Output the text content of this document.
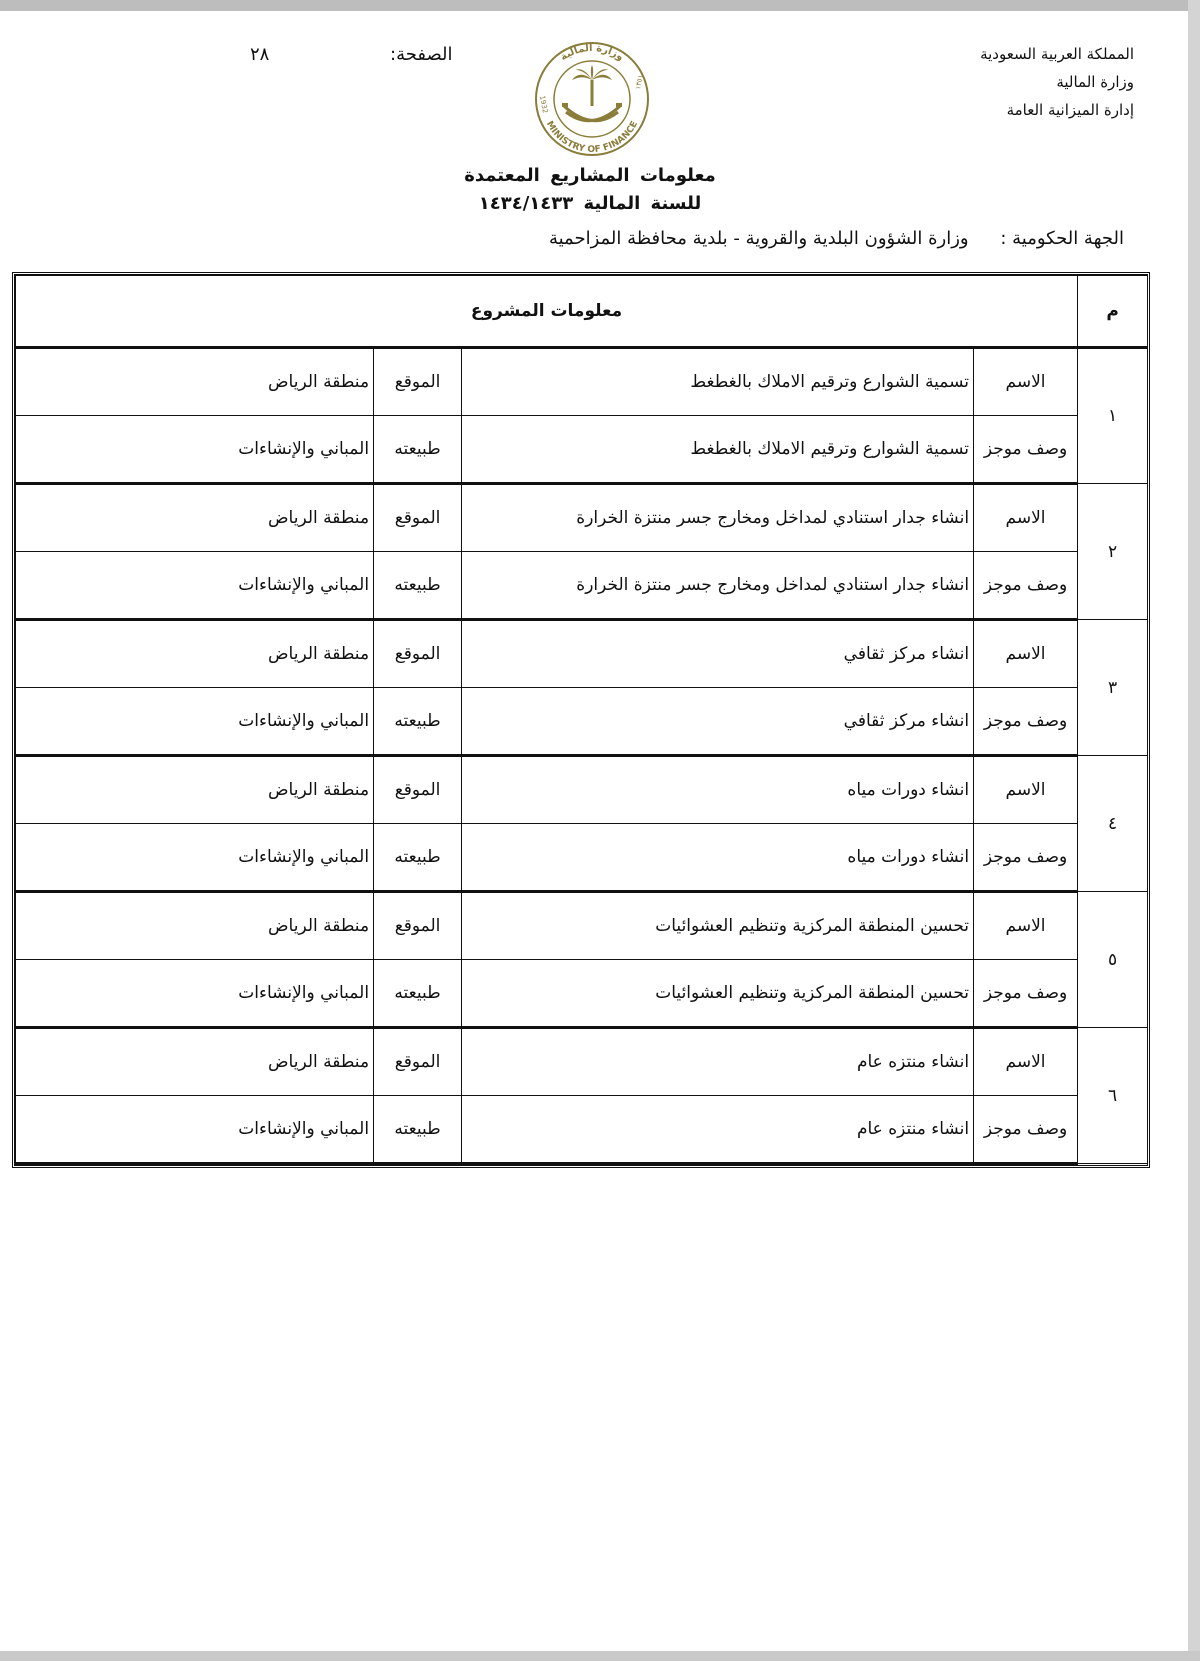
المملكة العربية السعودية
وزارة المالية
إدارة الميزانية العامة
الصفحة:
٢٨
MINISTRY OF FINANCE
وزارة المالية
1932
١٣٥١
معلومات المشاريع المعتمدة
للسنة المالية ١٤٣٤/١٤٣٣
الجهة الحكومية : وزارة الشؤون البلدية والقروية - بلدية محافظة المزاحمية
م	معلومات المشروع			
١	الاسم	تسمية الشوارع وترقيم الاملاك بالغطغط	الموقع	منطقة الرياض
	وصف موجز	تسمية الشوارع وترقيم الاملاك بالغطغط	طبيعته	المباني والإنشاءات
٢	الاسم	انشاء جدار استنادي لمداخل ومخارج جسر منتزة الخرارة	الموقع	منطقة الرياض
	وصف موجز	انشاء جدار استنادي لمداخل ومخارج جسر منتزة الخرارة	طبيعته	المباني والإنشاءات
٣	الاسم	انشاء مركز ثقافي	الموقع	منطقة الرياض
	وصف موجز	انشاء مركز ثقافي	طبيعته	المباني والإنشاءات
٤	الاسم	انشاء دورات مياه	الموقع	منطقة الرياض
	وصف موجز	انشاء دورات مياه	طبيعته	المباني والإنشاءات
٥	الاسم	تحسين المنطقة المركزية وتنظيم العشوائيات	الموقع	منطقة الرياض
	وصف موجز	تحسين المنطقة المركزية وتنظيم العشوائيات	طبيعته	المباني والإنشاءات
٦	الاسم	انشاء منتزه عام	الموقع	منطقة الرياض
	وصف موجز	انشاء منتزه عام	طبيعته	المباني والإنشاءات
